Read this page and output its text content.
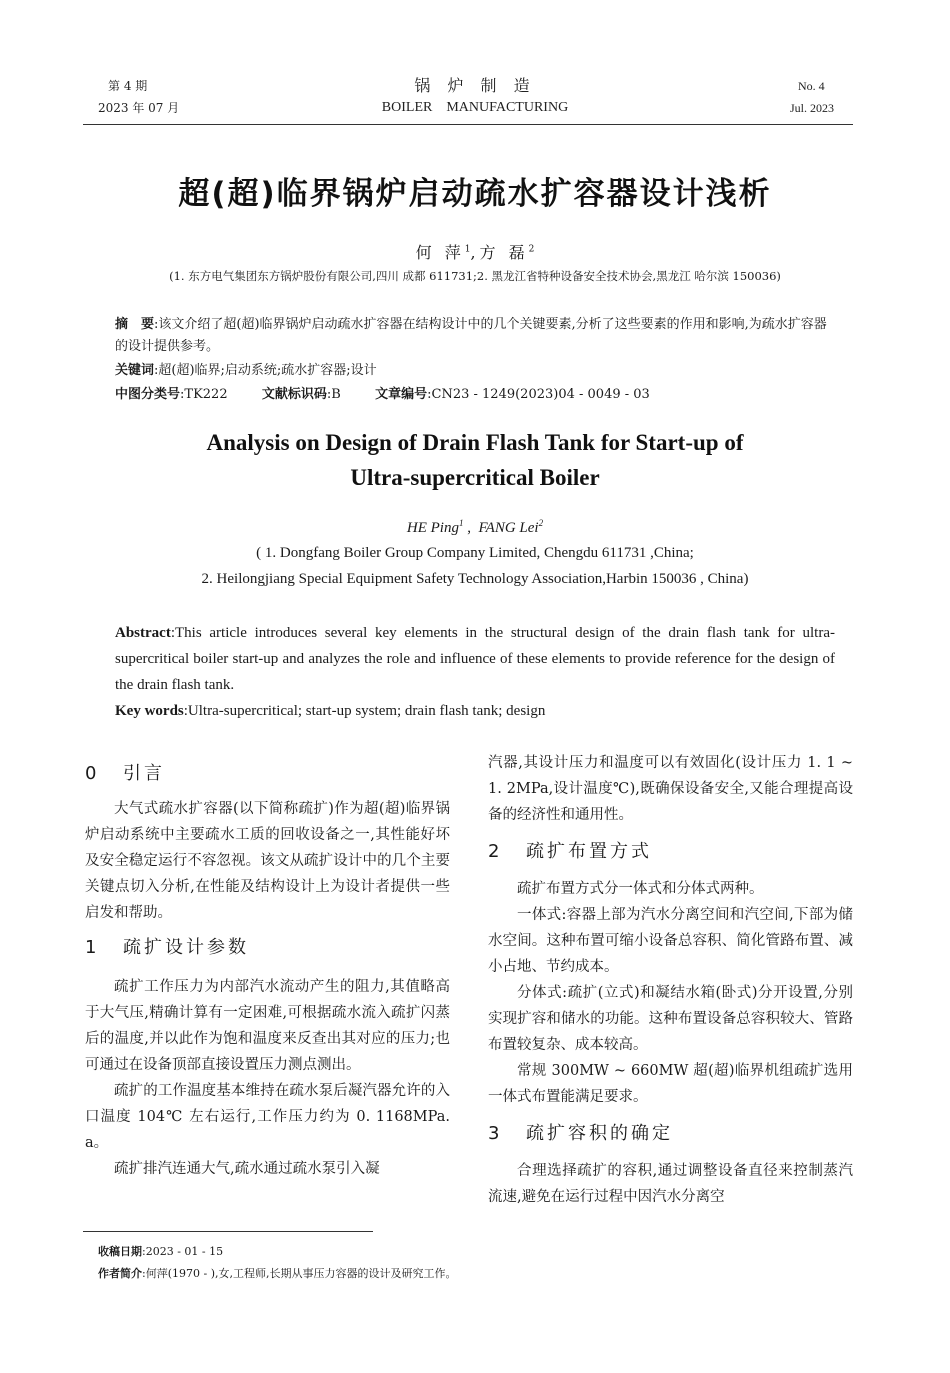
第 4 期
2023 年 07 月
锅 炉 制 造
BOILER    MANUFACTURING
No. 4
Jul. 2023
超(超)临界锅炉启动疏水扩容器设计浅析
何 萍$^1$,方 磊$^2$
(1. 东方电气集团东方锅炉股份有限公司,四川 成都 611731;2. 黑龙江省特种设备安全技术协会,黑龙江 哈尔滨 150036)
摘　要:该文介绍了超(超)临界锅炉启动疏水扩容器在结构设计中的几个关键要素,分析了这些要素的作用和影响,为疏水扩容器的设计提供参考。
关键词:超(超)临界;启动系统;疏水扩容器;设计
中图分类号:TK222	文献标识码:B	文章编号:CN23 - 1249(2023)04 - 0049 - 03
Analysis on Design of Drain Flash Tank for Start-up of
Ultra-supercritical Boiler
HE Ping$^1$ ,  FANG Lei$^2$
( 1. Dongfang Boiler Group Company Limited, Chengdu 611731 ,China;
2. Heilongjiang Special Equipment Safety Technology Association,Harbin 150036 , China)
Abstract:This article introduces several key elements in the structural design of the drain flash tank for ultra-supercritical boiler start-up and analyzes the role and influence of these elements to provide reference for the design of the drain flash tank.
Key words:Ultra-supercritical; start-up system; drain flash tank; design
0 引言

大气式疏水扩容器(以下简称疏扩)作为超(超)临界锅炉启动系统中主要疏水工质的回收设备之一,其性能好坏及安全稳定运行不容忽视。该文从疏扩设计中的几个主要关键点切入分析,在性能及结构设计上为设计者提供一些启发和帮助。

1 疏扩设计参数

疏扩工作压力为内部汽水流动产生的阻力,其值略高于大气压,精确计算有一定困难,可根据疏水流入疏扩闪蒸后的温度,并以此作为饱和温度来反查出其对应的压力;也可通过在设备顶部直接设置压力测点测出。

疏扩的工作温度基本维持在疏水泵后凝汽器允许的入口温度 104℃ 左右运行,工作压力约为 0. 1168MPa. a。

疏扩排汽连通大气,疏水通过疏水泵引入凝

汽器,其设计压力和温度可以有效固化(设计压力 1. 1 ~ 1. 2MPa,设计温度℃),既确保设备安全,又能合理提高设备的经济性和通用性。

2 疏扩布置方式

疏扩布置方式分一体式和分体式两种。

一体式:容器上部为汽水分离空间和汽空间,下部为储水空间。这种布置可缩小设备总容积、简化管路布置、减小占地、节约成本。

分体式:疏扩(立式)和凝结水箱(卧式)分开设置,分别实现扩容和储水的功能。这种布置设备总容积较大、管路布置较复杂、成本较高。

常规 300MW ~ 660MW 超(超)临界机组疏扩选用一体式布置能满足要求。

3 疏扩容积的确定

合理选择疏扩的容积,通过调整设备直径来控制蒸汽流速,避免在运行过程中因汽水分离空

收稿日期:2023 - 01 - 15
作者简介:何萍(1970 - ),女,工程师,长期从事压力容器的设计及研究工作。
